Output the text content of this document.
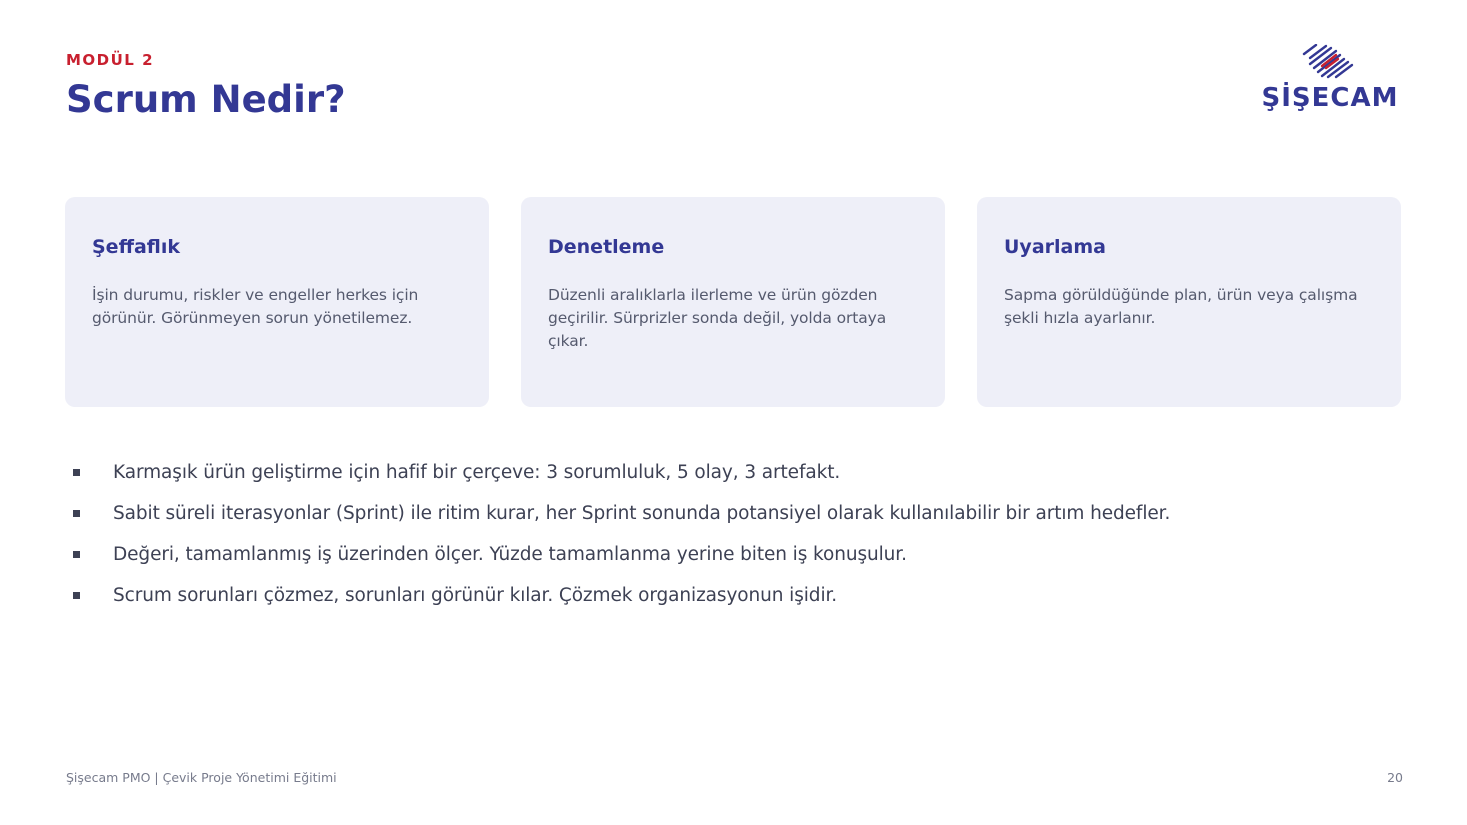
MODÜL 2
Scrum Nedir?	ŞİŞECAM

Şeffaflık

İşin durumu, riskler ve engeller herkes için görünür. Görünmeyen sorun yönetilemez.

Denetleme

Düzenli aralıklarla ilerleme ve ürün gözden geçirilir. Sürprizler sonda değil, yolda ortaya çıkar.

Uyarlama

Sapma görüldüğünde plan, ürün veya çalışma şekli hızla ayarlanır.

Karmaşık ürün geliştirme için hafif bir çerçeve: 3 sorumluluk, 5 olay, 3 artefakt.
Sabit süreli iterasyonlar (Sprint) ile ritim kurar, her Sprint sonunda potansiyel olarak kullanılabilir bir artım hedefler.
Değeri, tamamlanmış iş üzerinden ölçer. Yüzde tamamlanma yerine biten iş konuşulur.
Scrum sorunları çözmez, sorunları görünür kılar. Çözmek organizasyonun işidir.
Şişecam PMO | Çevik Proje Yönetimi Eğitimi	20
